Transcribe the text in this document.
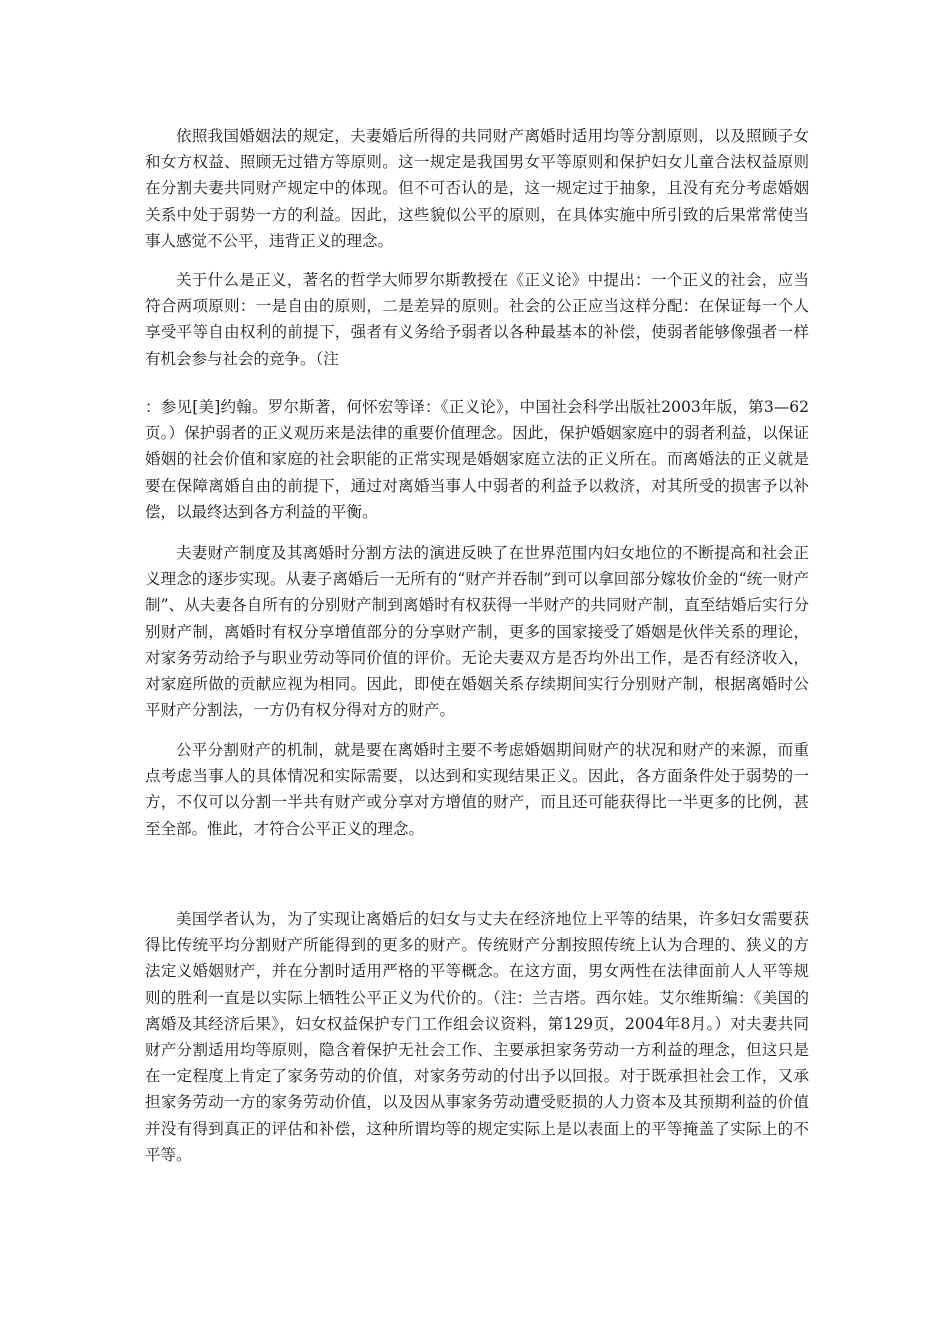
依照我国婚姻法的规定，夫妻婚后所得的共同财产离婚时适用均等分割原则，以及照顾子女和女方权益、照顾无过错方等原则。这一规定是我国男女平等原则和保护妇女儿童合法权益原则在分割夫妻共同财产规定中的体现。但不可否认的是，这一规定过于抽象，且没有充分考虑婚姻关系中处于弱势一方的利益。因此，这些貌似公平的原则，在具体实施中所引致的后果常常使当事人感觉不公平，违背正义的理念。

关于什么是正义，著名的哲学大师罗尔斯教授在《正义论》中提出：一个正义的社会，应当符合两项原则：一是自由的原则，二是差异的原则。社会的公正应当这样分配：在保证每一个人享受平等自由权利的前提下，强者有义务给予弱者以各种最基本的补偿，使弱者能够像强者一样有机会参与社会的竞争。（注

：参见[美]约翰。罗尔斯著，何怀宏等译：《正义论》，中国社会科学出版社2003年版，第3—62页。）保护弱者的正义观历来是法律的重要价值理念。因此，保护婚姻家庭中的弱者利益，以保证婚姻的社会价值和家庭的社会职能的正常实现是婚姻家庭立法的正义所在。而离婚法的正义就是要在保障离婚自由的前提下，通过对离婚当事人中弱者的利益予以救济，对其所受的损害予以补偿，以最终达到各方利益的平衡。

夫妻财产制度及其离婚时分割方法的演进反映了在世界范围内妇女地位的不断提高和社会正义理念的逐步实现。从妻子离婚后一无所有的“财产并吞制”到可以拿回部分嫁妆价金的“统一财产制”、从夫妻各自所有的分别财产制到离婚时有权获得一半财产的共同财产制，直至结婚后实行分别财产制，离婚时有权分享增值部分的分享财产制，更多的国家接受了婚姻是伙伴关系的理论，对家务劳动给予与职业劳动等同价值的评价。无论夫妻双方是否均外出工作，是否有经济收入，对家庭所做的贡献应视为相同。因此，即使在婚姻关系存续期间实行分别财产制，根据离婚时公平财产分割法，一方仍有权分得对方的财产。

公平分割财产的机制，就是要在离婚时主要不考虑婚姻期间财产的状况和财产的来源，而重点考虑当事人的具体情况和实际需要，以达到和实现结果正义。因此，各方面条件处于弱势的一方，不仅可以分割一半共有财产或分享对方增值的财产，而且还可能获得比一半更多的比例，甚至全部。惟此，才符合公平正义的理念。

美国学者认为，为了实现让离婚后的妇女与丈夫在经济地位上平等的结果，许多妇女需要获得比传统平均分割财产所能得到的更多的财产。传统财产分割按照传统上认为合理的、狭义的方法定义婚姻财产，并在分割时适用严格的平等概念。在这方面，男女两性在法律面前人人平等规则的胜利一直是以实际上牺牲公平正义为代价的。（注：兰吉塔。西尔娃。艾尔维斯编：《美国的离婚及其经济后果》，妇女权益保护专门工作组会议资料，第129页，2004年8月。）对夫妻共同财产分割适用均等原则，隐含着保护无社会工作、主要承担家务劳动一方利益的理念，但这只是在一定程度上肯定了家务劳动的价值，对家务劳动的付出予以回报。对于既承担社会工作，又承担家务劳动一方的家务劳动价值，以及因从事家务劳动遭受贬损的人力资本及其预期利益的价值并没有得到真正的评估和补偿，这种所谓均等的规定实际上是以表面上的平等掩盖了实际上的不平等。
